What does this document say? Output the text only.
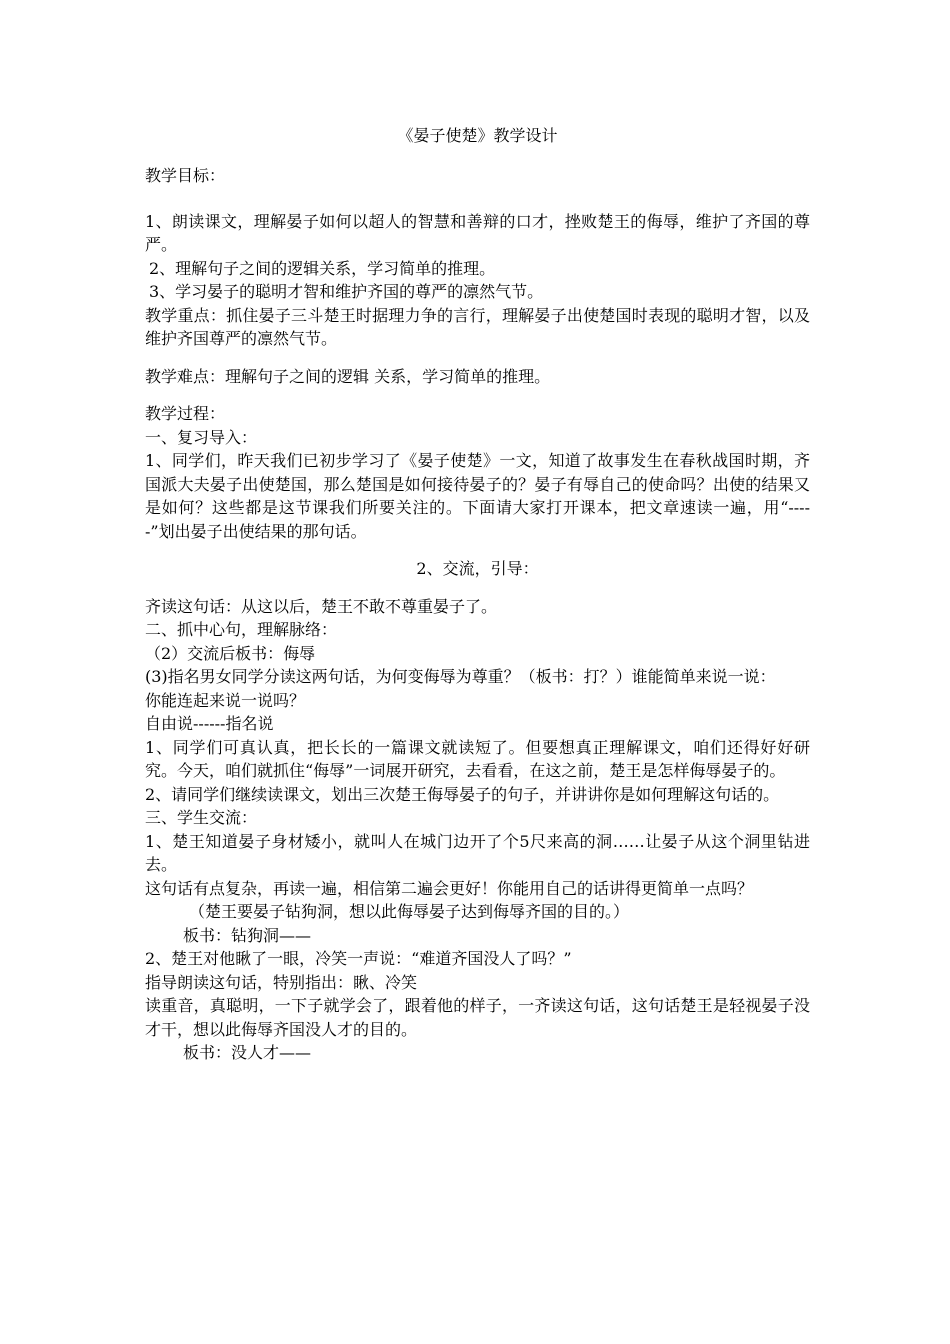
《晏子使楚》教学设计

教学目标：

1、朗读课文，理解晏子如何以超人的智慧和善辩的口才，挫败楚王的侮辱，维护了齐国的尊严。

2、理解句子之间的逻辑关系，学习简单的推理。

3、学习晏子的聪明才智和维护齐国的尊严的凛然气节。

教学重点：抓住晏子三斗楚王时据理力争的言行，理解晏子出使楚国时表现的聪明才智，以及维护齐国尊严的凛然气节。

教学难点：理解句子之间的逻辑 关系，学习简单的推理。

教学过程：

一、复习导入：

1、同学们，昨天我们已初步学习了《晏子使楚》一文，知道了故事发生在春秋战国时期，齐国派大夫晏子出使楚国，那么楚国是如何接待晏子的？晏子有辱自己的使命吗？出使的结果又是如何？这些都是这节课我们所要关注的。下面请大家打开课本，把文章速读一遍，用“-----”划出晏子出使结果的那句话。

2、交流，引导：

齐读这句话：从这以后，楚王不敢不尊重晏子了。

二、抓中心句，理解脉络：

（2）交流后板书：侮辱

(3)指名男女同学分读这两句话，为何变侮辱为尊重？（板书：打？）谁能简单来说一说：

你能连起来说一说吗？

自由说------指名说

1、同学们可真认真，把长长的一篇课文就读短了。但要想真正理解课文，咱们还得好好研究。今天，咱们就抓住“侮辱”一词展开研究，去看看，在这之前，楚王是怎样侮辱晏子的。

2、请同学们继续读课文，划出三次楚王侮辱晏子的句子，并讲讲你是如何理解这句话的。

三、学生交流：

1、楚王知道晏子身材矮小，就叫人在城门边开了个5尺来高的洞……让晏子从这个洞里钻进去。

这句话有点复杂，再读一遍，相信第二遍会更好！你能用自己的话讲得更简单一点吗？

（楚王要晏子钻狗洞，想以此侮辱晏子达到侮辱齐国的目的。）

板书：钻狗洞——

2、楚王对他瞅了一眼，冷笑一声说：“难道齐国没人了吗？”

指导朗读这句话，特别指出：瞅、冷笑

读重音，真聪明，一下子就学会了，跟着他的样子，一齐读这句话，这句话楚王是轻视晏子没才干，想以此侮辱齐国没人才的目的。

板书：没人才——
